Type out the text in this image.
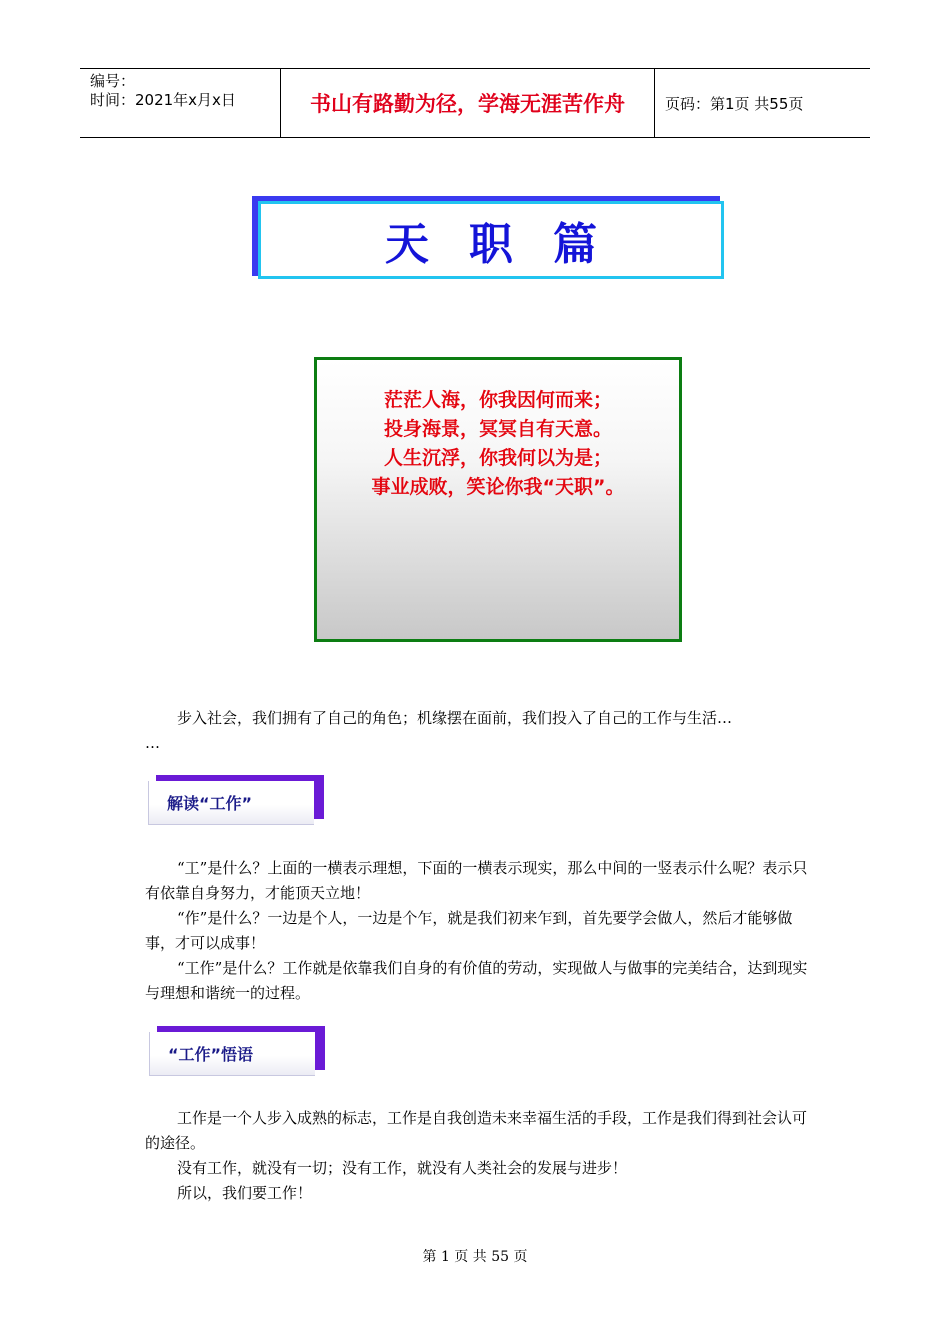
编号：
时间：2021年x月x日	书山有路勤为径，学海无涯苦作舟	页码：第1页 共55页
天职篇
茫茫人海，你我因何而来；
投身海景，冥冥自有天意。
人生沉浮，你我何以为是；
事业成败，笑论你我“天职”。

步入社会，我们拥有了自己的角色；机缘摆在面前，我们投入了自己的工作与生活…

…
解读“工作”

“工”是什么？上面的一横表示理想，下面的一横表示现实，那么中间的一竖表示什么呢？表示只有依靠自身努力，才能顶天立地！

“作”是什么？一边是个人，一边是个乍，就是我们初来乍到，首先要学会做人，然后才能够做事，才可以成事！

“工作”是什么？工作就是依靠我们自身的有价值的劳动，实现做人与做事的完美结合，达到现实与理想和谐统一的过程。

“工作”悟语

工作是一个人步入成熟的标志，工作是自我创造未来幸福生活的手段，工作是我们得到社会认可的途径。

没有工作，就没有一切；没有工作，就没有人类社会的发展与进步！

所以，我们要工作！

第 1 页 共 55 页
